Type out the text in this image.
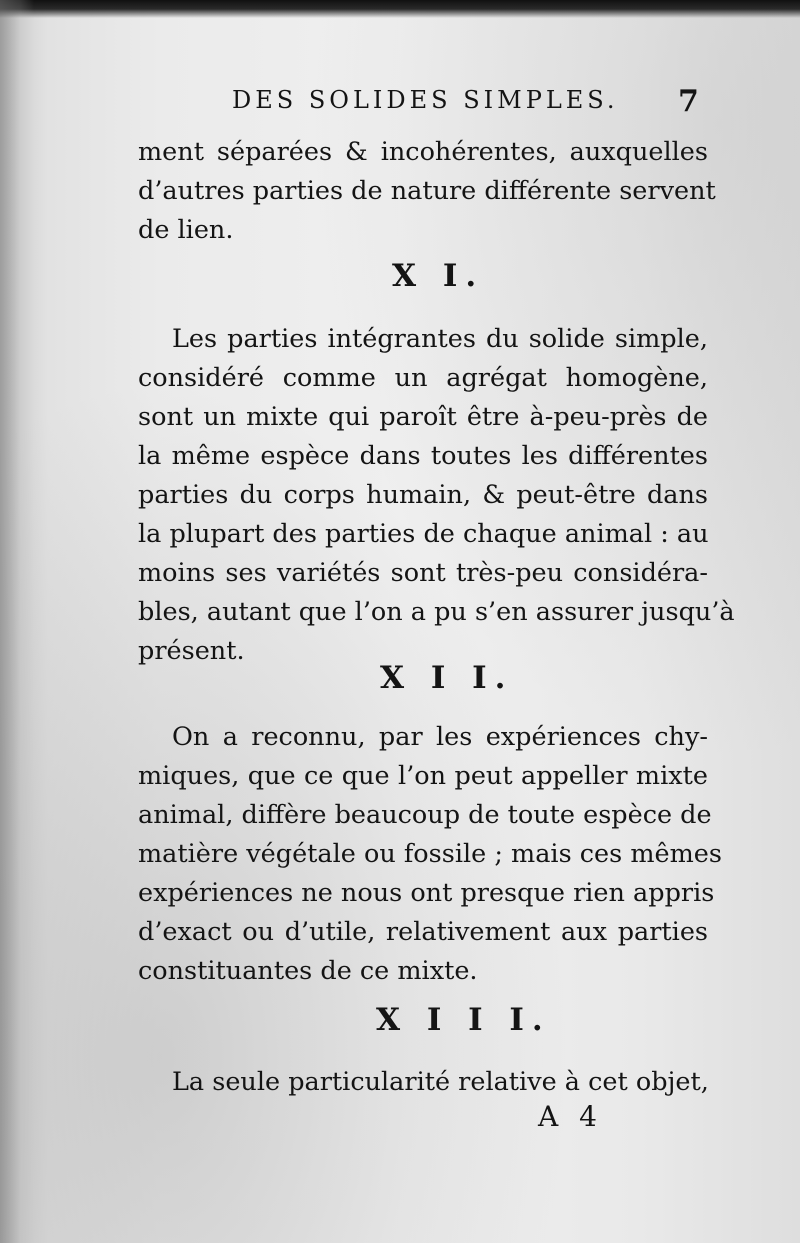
DES SOLIDES SIMPLES. 7
ment séparées & incohérentes, auxquelles
d’autres parties de nature différente servent
de lien.
X I.
Les parties intégrantes du solide simple,
considéré comme un agrégat homogène,
sont un mixte qui paroît être à-peu-près de
la même espèce dans toutes les différentes
parties du corps humain, & peut-être dans
la plupart des parties de chaque animal : au
moins ses variétés sont très-peu considéra-
bles, autant que l’on a pu s’en assurer jusqu’à
présent.
X I I.
On a reconnu, par les expériences chy-
miques, que ce que l’on peut appeller mixte
animal, diffère beaucoup de toute espèce de
matière végétale ou fossile ; mais ces mêmes
expériences ne nous ont presque rien appris
d’exact ou d’utile, relativement aux parties
constituantes de ce mixte.
X I I I.
La seule particularité relative à cet objet,
A 4
